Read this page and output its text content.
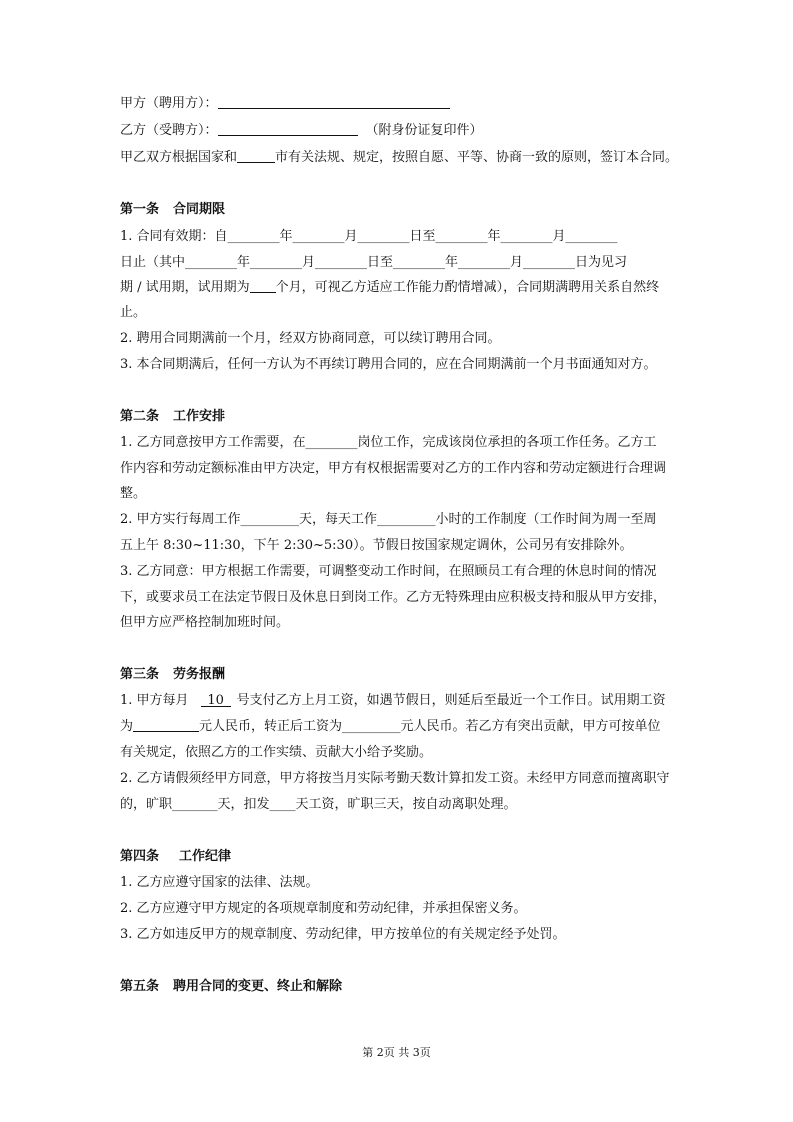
甲方（聘用方）：
乙方（受聘方）：	（附身份证复印件）
甲乙双方根据国家和	市有关法规、规定，按照自愿、平等、协商一致的原则，签订本合同。
第一条 合同期限
1. 合同有效期：自________年________月________日至________年________月________
日止（其中________年________月________日至________年________月________日为见习
期 / 试用期，试用期为 个月，可视乙方适应工作能力酌情增减），合同期满聘用关系自然终
止。
2. 聘用合同期满前一个月，经双方协商同意，可以续订聘用合同。
3. 本合同期满后，任何一方认为不再续订聘用合同的，应在合同期满前一个月书面通知对方。
第二条 工作安排
1. 乙方同意按甲方工作需要，在________岗位工作，完成该岗位承担的各项工作任务。乙方工
作内容和劳动定额标准由甲方决定，甲方有权根据需要对乙方的工作内容和劳动定额进行合理调
整。
2. 甲方实行每周工作_________天，每天工作_________小时的工作制度（工作时间为周一至周
五上午 8:30~11:30，下午 2:30~5:30）。节假日按国家规定调休，公司另有安排除外。
3. 乙方同意：甲方根据工作需要，可调整变动工作时间，在照顾员工有合理的休息时间的情况
下，或要求员工在法定节假日及休息日到岗工作。乙方无特殊理由应积极支持和服从甲方安排，
但甲方应严格控制加班时间。
第三条 劳务报酬
1. 甲方每月 10 号支付乙方上月工资，如遇节假日，则延后至最近一个工作日。试用期工资
为	元人民币，转正后工资为_________元人民币。若乙方有突出贡献，甲方可按单位
有关规定，依照乙方的工作实绩、贡献大小给予奖励。
2. 乙方请假须经甲方同意，甲方将按当月实际考勤天数计算扣发工资。未经甲方同意而擅离职守
的，旷职_______天，扣发____天工资，旷职三天，按自动离职处理。
第四条 工作纪律
1. 乙方应遵守国家的法律、法规。
2. 乙方应遵守甲方规定的各项规章制度和劳动纪律，并承担保密义务。
3. 乙方如违反甲方的规章制度、劳动纪律，甲方按单位的有关规定经予处罚。
第五条 聘用合同的变更、终止和解除
第 2页 共 3页
